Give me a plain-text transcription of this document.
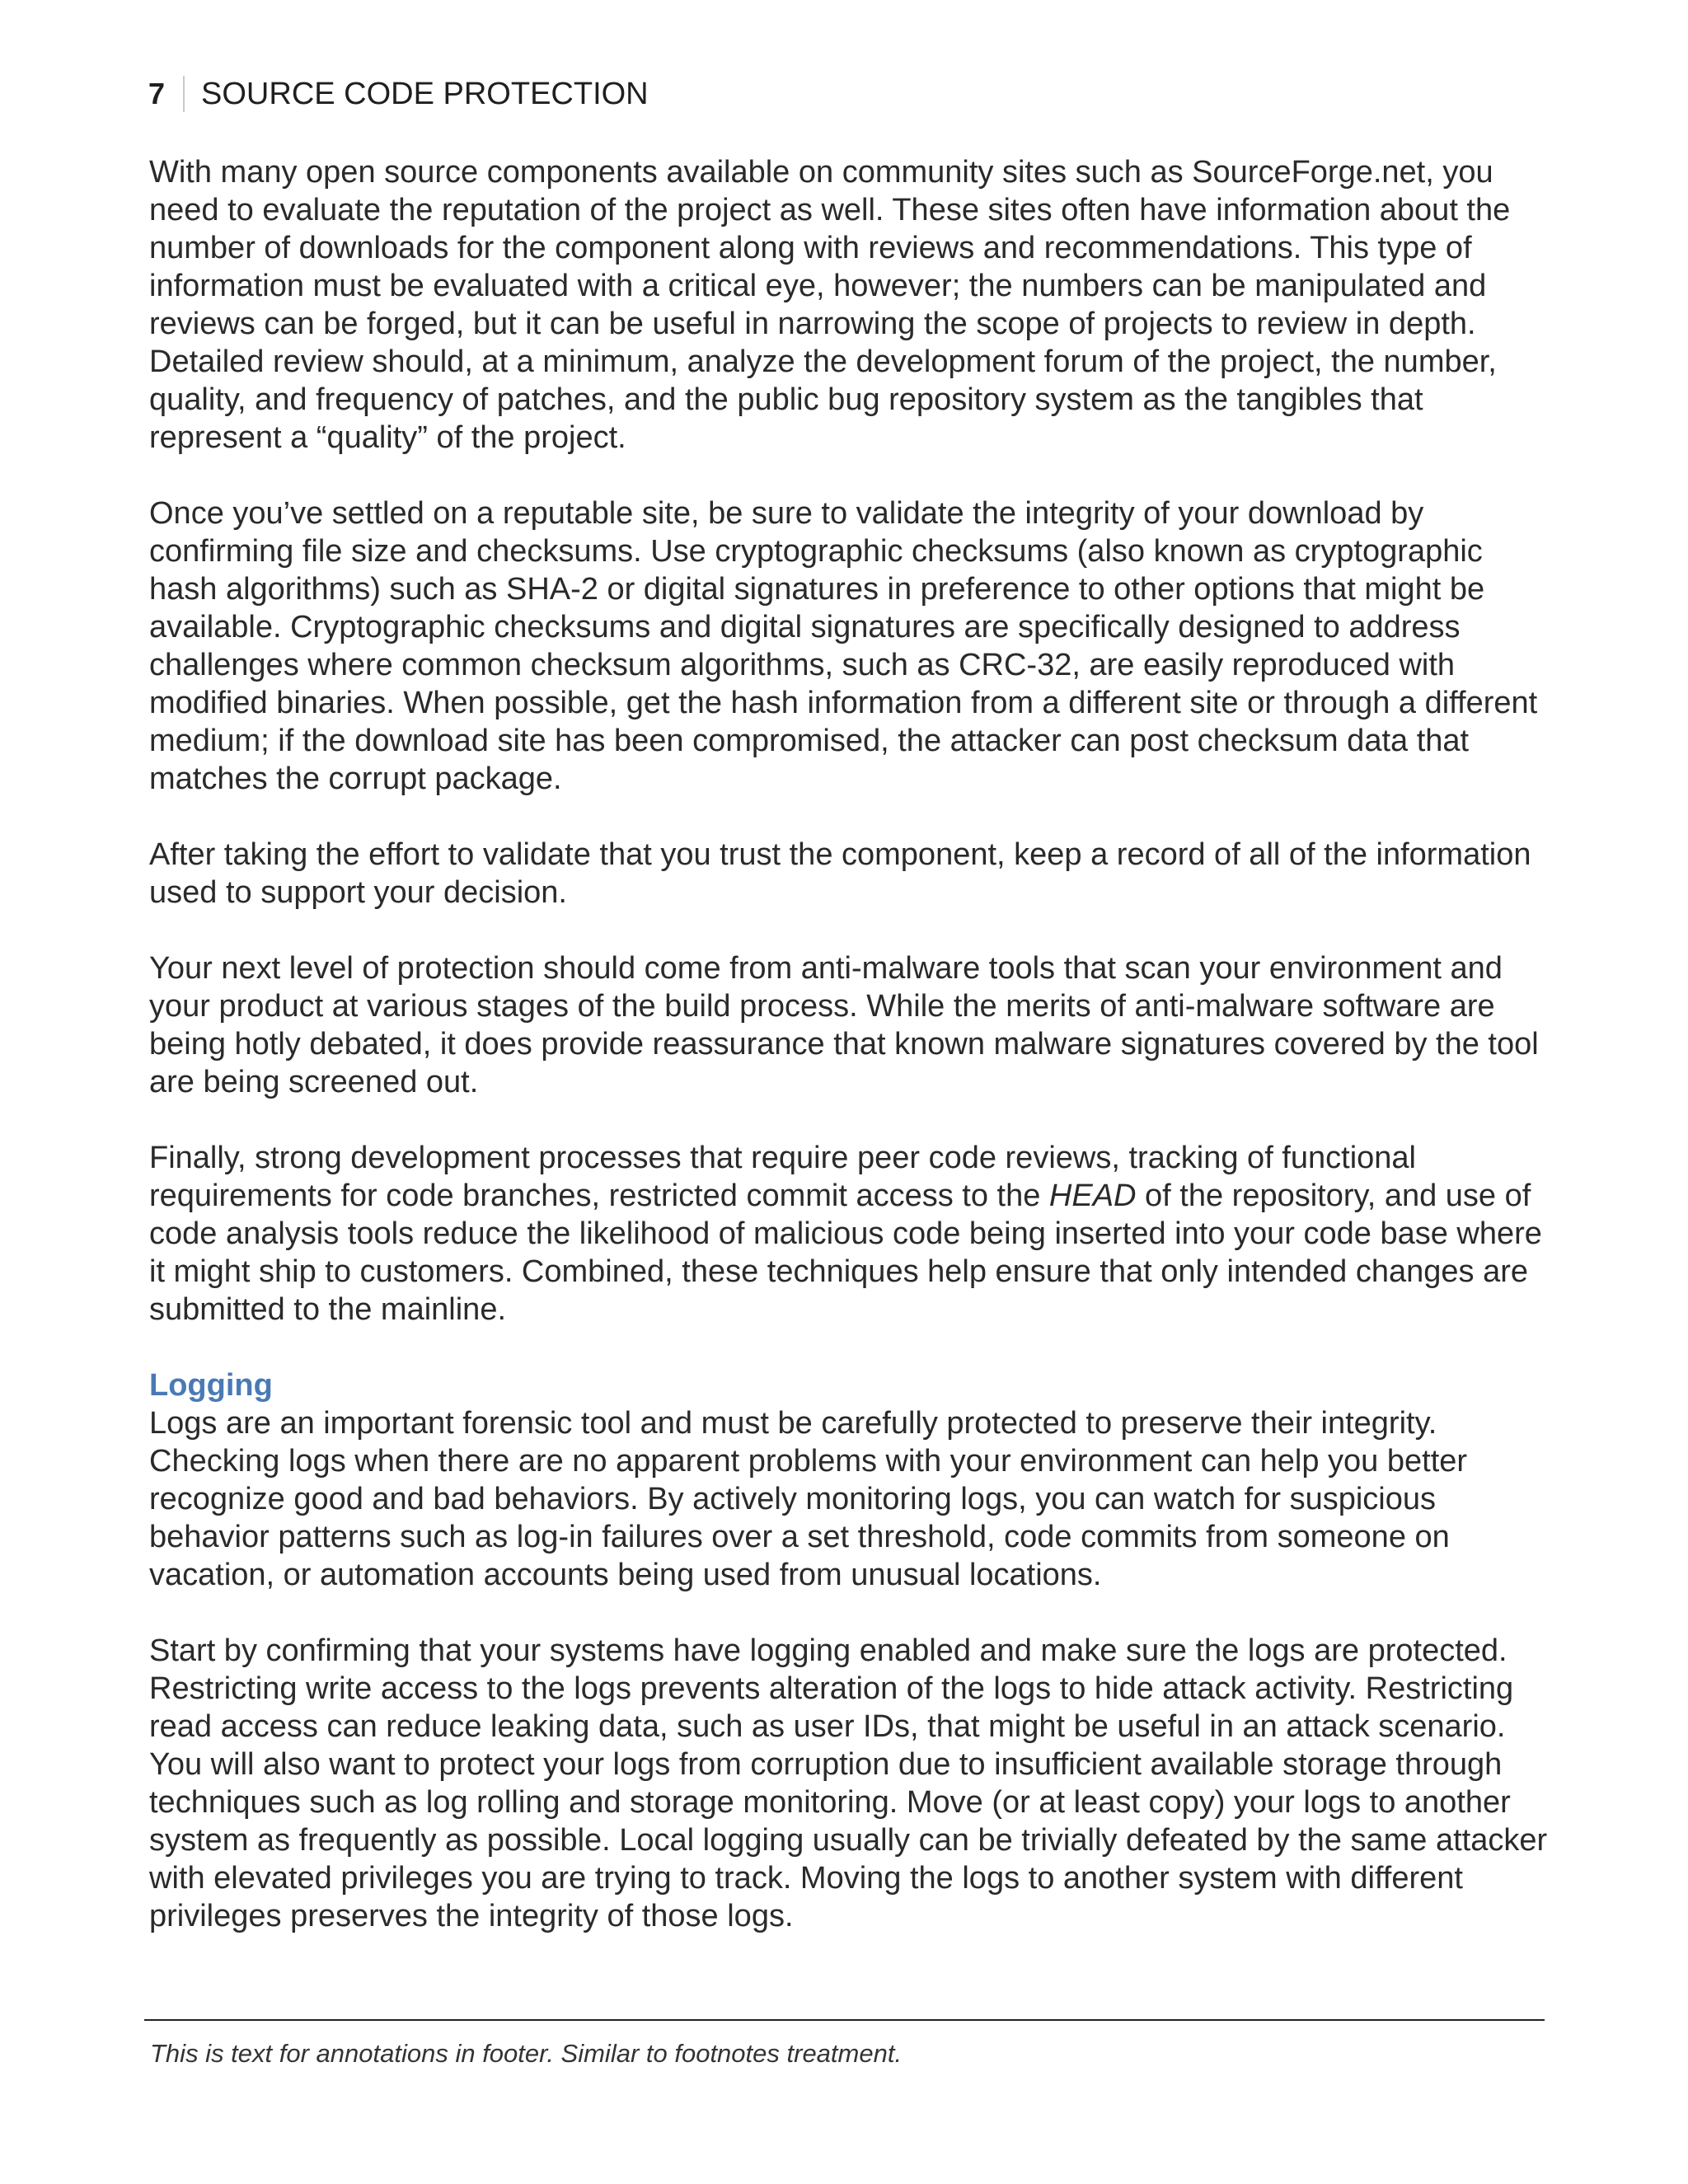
7	SOURCE CODE PROTECTION

With many open source components available on community sites such as SourceForge.net, you need to evaluate the reputation of the project as well. These sites often have information about the number of downloads for the component along with reviews and recommendations. This type of information must be evaluated with a critical eye, however; the numbers can be manipulated and reviews can be forged, but it can be useful in narrowing the scope of projects to review in depth. Detailed review should, at a minimum, analyze the development forum of the project, the number, quality, and frequency of patches, and the public bug repository system as the tangibles that represent a “quality” of the project.

Once you’ve settled on a reputable site, be sure to validate the integrity of your download by confirming file size and checksums. Use cryptographic checksums (also known as cryptographic hash algorithms) such as SHA-2 or digital signatures in preference to other options that might be available. Cryptographic checksums and digital signatures are specifically designed to address challenges where common checksum algorithms, such as CRC-32, are easily reproduced with modified binaries. When possible, get the hash information from a different site or through a different medium; if the download site has been compromised, the attacker can post checksum data that matches the corrupt package.

After taking the effort to validate that you trust the component, keep a record of all of the information used to support your decision.

Your next level of protection should come from anti-malware tools that scan your environment and your product at various stages of the build process. While the merits of anti-malware software are being hotly debated, it does provide reassurance that known malware signatures covered by the tool are being screened out.

Finally, strong development processes that require peer code reviews, tracking of functional requirements for code branches, restricted commit access to the HEAD of the repository, and use of code analysis tools reduce the likelihood of malicious code being inserted into your code base where it might ship to customers. Combined, these techniques help ensure that only intended changes are submitted to the mainline.

Logging

Logs are an important forensic tool and must be carefully protected to preserve their integrity. Checking logs when there are no apparent problems with your environment can help you better recognize good and bad behaviors. By actively monitoring logs, you can watch for suspicious behavior patterns such as log-in failures over a set threshold, code commits from someone on vacation, or automation accounts being used from unusual locations.

Start by confirming that your systems have logging enabled and make sure the logs are protected. Restricting write access to the logs prevents alteration of the logs to hide attack activity. Restricting read access can reduce leaking data, such as user IDs, that might be useful in an attack scenario. You will also want to protect your logs from corruption due to insufficient available storage through techniques such as log rolling and storage monitoring. Move (or at least copy) your logs to another system as frequently as possible. Local logging usually can be trivially defeated by the same attacker with elevated privileges you are trying to track. Moving the logs to another system with different privileges preserves the integrity of those logs.

This is text for annotations in footer. Similar to footnotes treatment.
